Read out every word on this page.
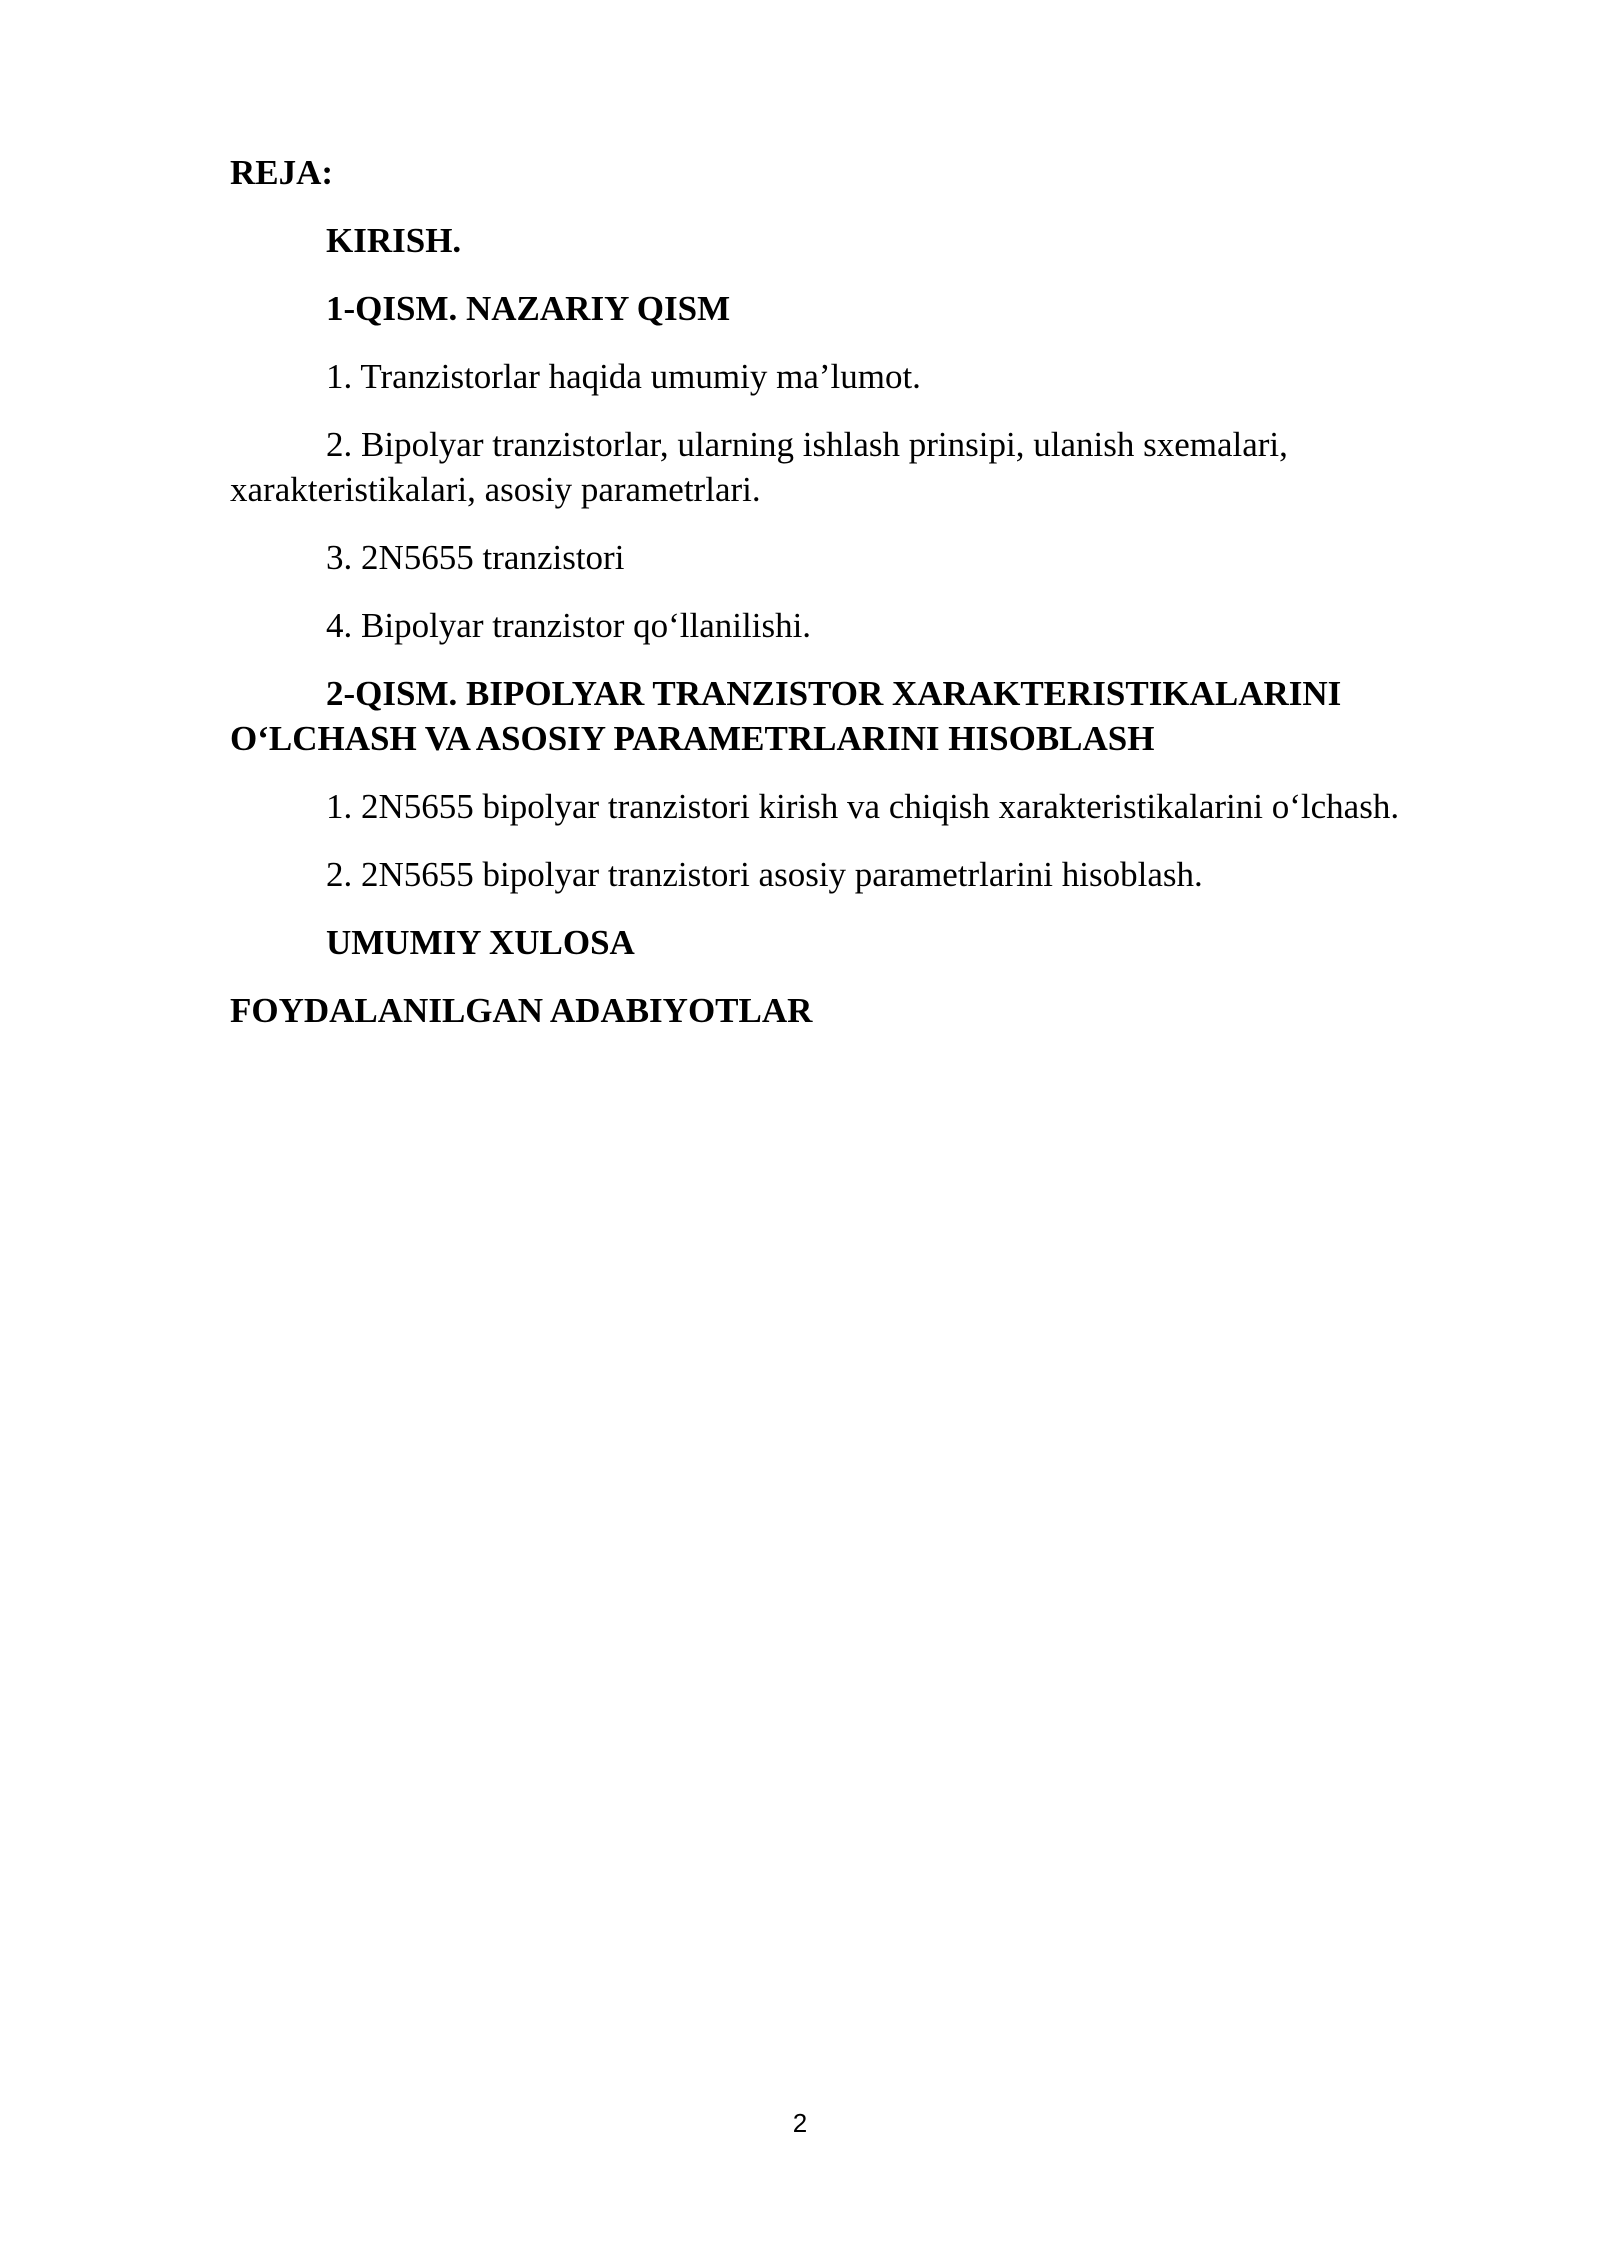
REJA:

KIRISH.

1-QISM. NAZARIY QISM

1. Tranzistorlar haqida umumiy ma’lumot.

2. Bipolyar tranzistorlar, ularning ishlash prinsipi, ulanish sxemalari, xarakteristikalari, asosiy parametrlari.

3. 2N5655 tranzistori

4. Bipolyar tranzistor qo‘llanilishi.

2-QISM. BIPOLYAR TRANZISTOR XARAKTERISTIKALARINI O‘LCHASH VA ASOSIY PARAMETRLARINI HISOBLASH

1. 2N5655 bipolyar tranzistori kirish va chiqish xarakteristikalarini o‘lchash.

2. 2N5655 bipolyar tranzistori asosiy parametrlarini hisoblash.

UMUMIY XULOSA

FOYDALANILGAN ADABIYOTLAR

2
